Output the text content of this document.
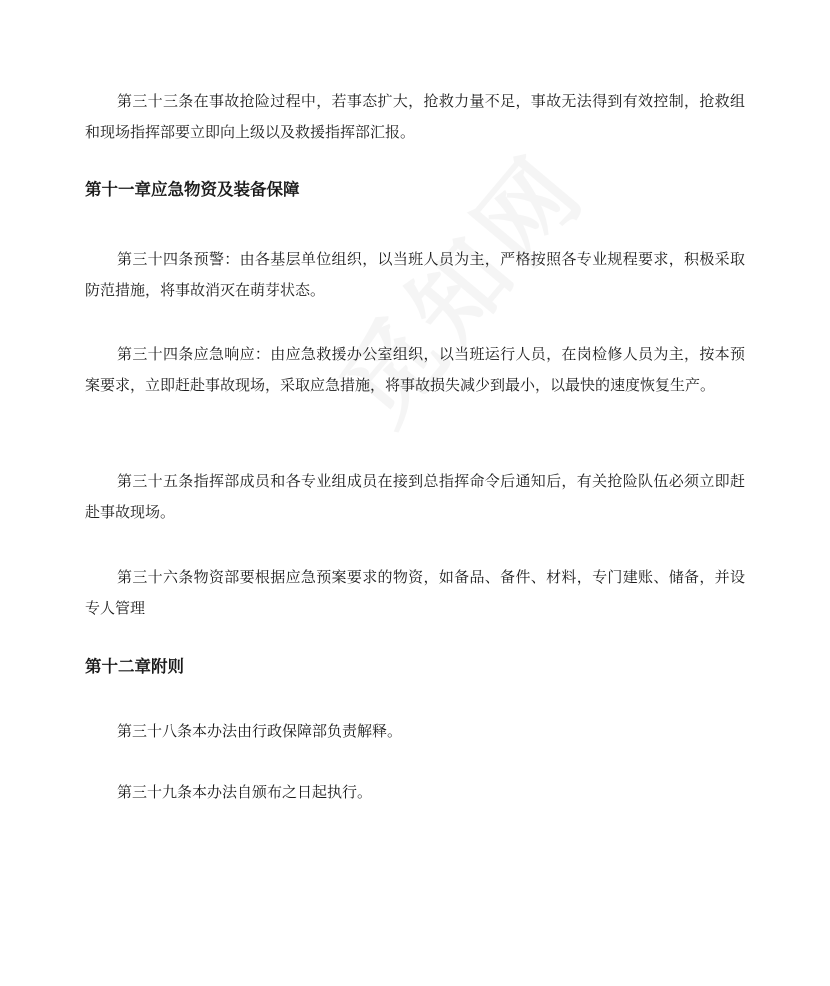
第三十三条在事故抢险过程中，若事态扩大，抢救力量不足，事故无法得到有效控制，抢救组和现场指挥部要立即向上级以及救援指挥部汇报。

第十一章应急物资及装备保障

第三十四条预警：由各基层单位组织，以当班人员为主，严格按照各专业规程要求，积极采取防范措施，将事故消灭在萌芽状态。

第三十四条应急响应：由应急救援办公室组织，以当班运行人员，在岗检修人员为主，按本预案要求，立即赶赴事故现场，采取应急措施，将事故损失减少到最小，以最快的速度恢复生产。

第三十五条指挥部成员和各专业组成员在接到总指挥命令后通知后，有关抢险队伍必须立即赶赴事故现场。

第三十六条物资部要根据应急预案要求的物资，如备品、备件、材料，专门建账、储备，并设专人管理

第十二章附则

第三十八条本办法由行政保障部负责解释。

第三十九条本办法自颁布之日起执行。
